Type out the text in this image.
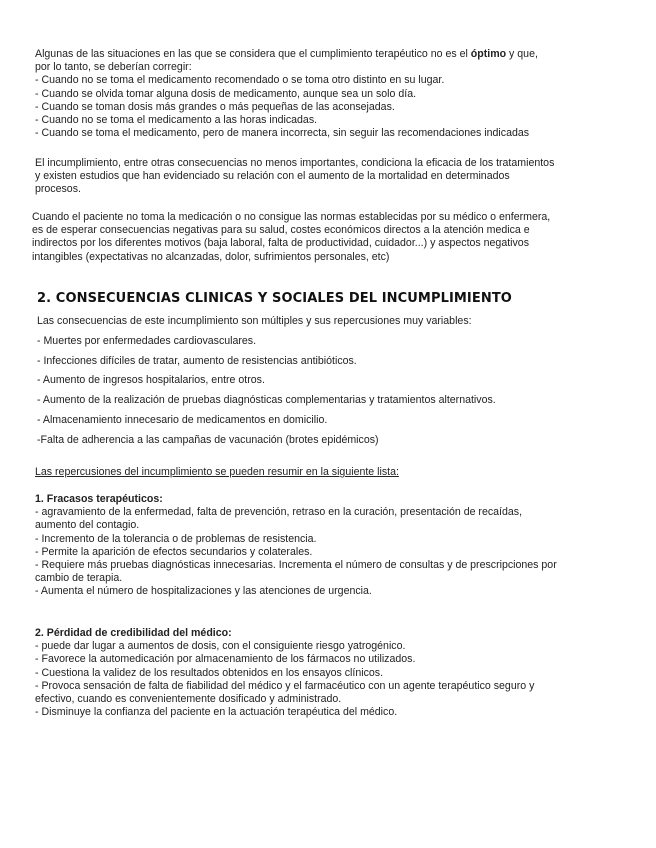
Algunas de las situaciones en las que se considera que el cumplimiento terapéutico no es el óptimo y que,
por lo tanto, se deberían corregir:
- Cuando no se toma el medicamento recomendado o se toma otro distinto en su lugar.
- Cuando se olvida tomar alguna dosis de medicamento, aunque sea un solo día.
- Cuando se toman dosis más grandes o más pequeñas de las aconsejadas.
- Cuando no se toma el medicamento a las horas indicadas.
- Cuando se toma el medicamento, pero de manera incorrecta, sin seguir las recomendaciones indicadas
El incumplimiento, entre otras consecuencias no menos importantes, condiciona la eficacia de los tratamientos
y existen estudios que han evidenciado su relación con el aumento de la mortalidad en determinados
procesos.
Cuando el paciente no toma la medicación o no consigue las normas establecidas por su médico o enfermera,
es de esperar consecuencias negativas para su salud, costes económicos directos a la atención medica e
indirectos por los diferentes motivos (baja laboral, falta de productividad, cuidador...) y aspectos negativos
intangibles (expectativas no alcanzadas, dolor, sufrimientos personales, etc)
2. CONSECUENCIAS CLINICAS Y SOCIALES DEL INCUMPLIMIENTO
Las consecuencias de este incumplimiento son múltiples y sus repercusiones muy variables:
- Muertes por enfermedades cardiovasculares.
- Infecciones difíciles de tratar, aumento de resistencias antibióticos.
- Aumento de ingresos hospitalarios, entre otros.
- Aumento de la realización de pruebas diagnósticas complementarias y tratamientos alternativos.
- Almacenamiento innecesario de medicamentos en domicilio.
-Falta de adherencia a las campañas de vacunación (brotes epidémicos)
Las repercusiones del incumplimiento se pueden resumir en la siguiente lista:
1. Fracasos terapéuticos:
- agravamiento de la enfermedad, falta de prevención, retraso en la curación, presentación de recaídas,
aumento del contagio.
- Incremento de la tolerancia o de problemas de resistencia.
- Permite la aparición de efectos secundarios y colaterales.
- Requiere más pruebas diagnósticas innecesarias. Incrementa el número de consultas y de prescripciones por
cambio de terapia.
- Aumenta el número de hospitalizaciones y las atenciones de urgencia.
2. Pérdidad de credibilidad del médico:
- puede dar lugar a aumentos de dosis, con el consiguiente riesgo yatrogénico.
- Favorece la automedicación por almacenamiento de los fármacos no utilizados.
- Cuestiona la validez de los resultados obtenidos en los ensayos clínicos.
- Provoca sensación de falta de fiabilidad del médico y el farmacéutico con un agente terapéutico seguro y
efectivo, cuando es convenientemente dosificado y administrado.
- Disminuye la confianza del paciente en la actuación terapéutica del médico.
